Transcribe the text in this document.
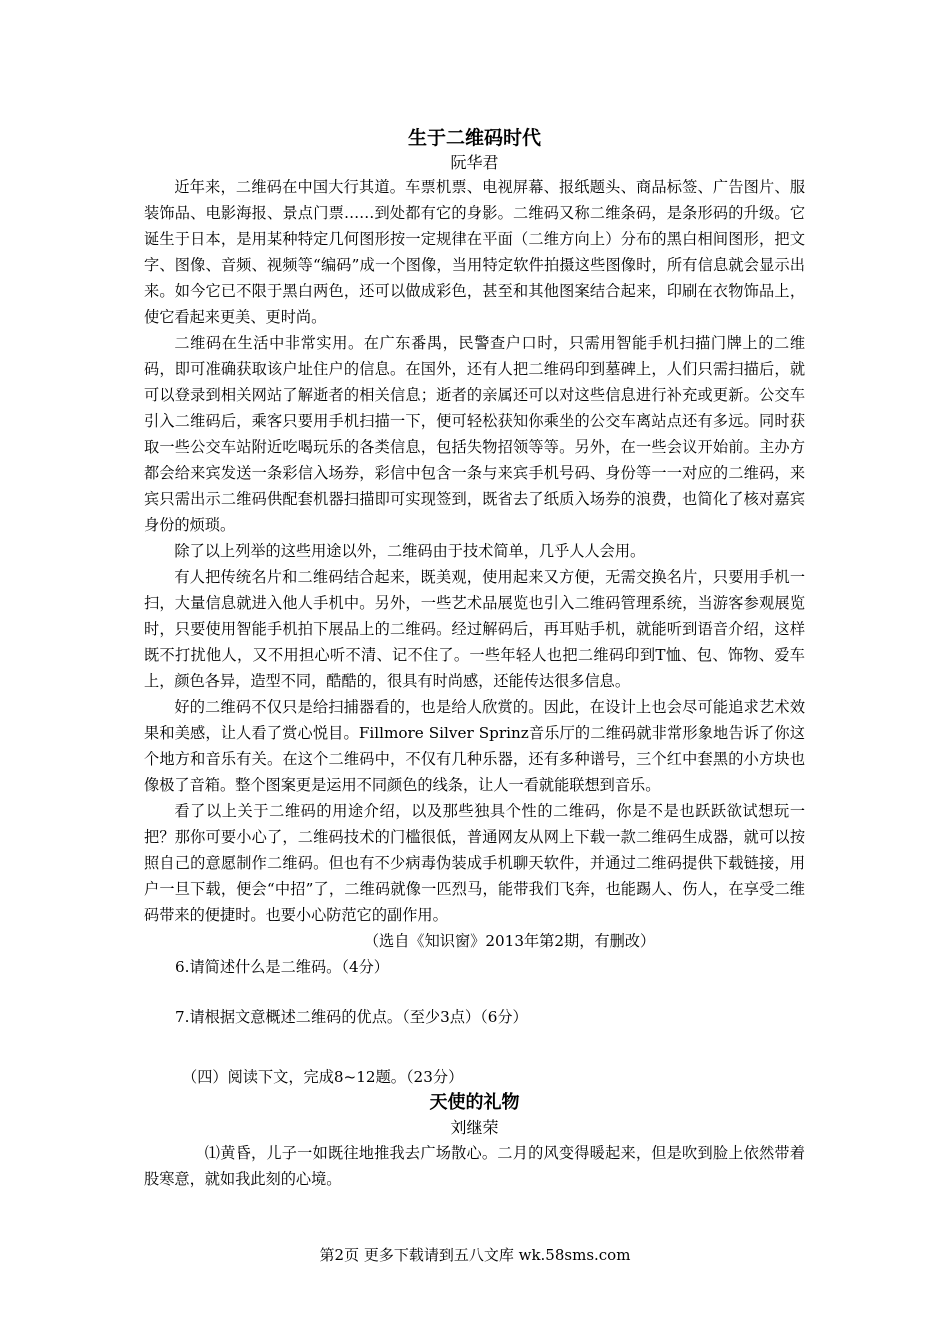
生于二维码时代
阮华君

近年来，二维码在中国大行其道。车票机票、电视屏幕、报纸题头、商品标签、广告图片、服装饰品、电影海报、景点门票……到处都有它的身影。二维码又称二维条码，是条形码的升级。它诞生于日本，是用某种特定几何图形按一定规律在平面（二维方向上）分布的黑白相间图形，把文字、图像、音频、视频等“编码”成一个图像，当用特定软件拍摄这些图像时，所有信息就会显示出来。如今它已不限于黑白两色，还可以做成彩色，甚至和其他图案结合起来，印刷在衣物饰品上，使它看起来更美、更时尚。

二维码在生活中非常实用。在广东番禺，民警查户口时，只需用智能手机扫描门牌上的二维码，即可准确获取该户址住户的信息。在国外，还有人把二维码印到墓碑上，人们只需扫描后，就可以登录到相关网站了解逝者的相关信息；逝者的亲属还可以对这些信息进行补充或更新。公交车引入二维码后，乘客只要用手机扫描一下，便可轻松获知你乘坐的公交车离站点还有多远。同时获取一些公交车站附近吃喝玩乐的各类信息，包括失物招领等等。另外，在一些会议开始前。主办方都会给来宾发送一条彩信入场券，彩信中包含一条与来宾手机号码、身份等一一对应的二维码，来宾只需出示二维码供配套机器扫描即可实现签到，既省去了纸质入场券的浪费，也简化了核对嘉宾身份的烦琐。

除了以上列举的这些用途以外，二维码由于技术简单，几乎人人会用。

有人把传统名片和二维码结合起来，既美观，使用起来又方便，无需交换名片，只要用手机一扫，大量信息就进入他人手机中。另外，一些艺术品展览也引入二维码管理系统，当游客参观展览时，只要使用智能手机拍下展品上的二维码。经过解码后，再耳贴手机，就能听到语音介绍，这样既不打扰他人，又不用担心听不清、记不住了。一些年轻人也把二维码印到T恤、包、饰物、爱车上，颜色各异，造型不同，酷酷的，很具有时尚感，还能传达很多信息。

好的二维码不仅只是给扫捕器看的，也是给人欣赏的。因此，在设计上也会尽可能追求艺术效果和美感，让人看了赏心悦目。Fillmore Silver Sprinz音乐厅的二维码就非常形象地告诉了你这个地方和音乐有关。在这个二维码中，不仅有几种乐器，还有多种谱号，三个红中套黑的小方块也像极了音箱。整个图案更是运用不同颜色的线条，让人一看就能联想到音乐。

看了以上关于二维码的用途介绍，以及那些独具个性的二维码，你是不是也跃跃欲试想玩一把？那你可要小心了，二维码技术的门槛很低，普通网友从网上下载一款二维码生成器，就可以按照自己的意愿制作二维码。但也有不少病毒伪装成手机聊天软件，并通过二维码提供下载链接，用户一旦下载，便会“中招”了，二维码就像一匹烈马，能带我们飞奔，也能踢人、伤人，在享受二维码带来的便捷时。也要小心防范它的副作用。

（选自《知识窗》2013年第2期，有删改）
6.请简述什么是二维码。（4分）
7.请根据文意概述二维码的优点。（至少3点）（6分）
（四）阅读下文，完成8~12题。（23分）
天使的礼物
刘继荣

⑴黄昏，儿子一如既往地推我去广场散心。二月的风变得暖起来，但是吹到脸上依然带着股寒意，就如我此刻的心境。

第2页 更多下载请到五八文库 wk.58sms.com
